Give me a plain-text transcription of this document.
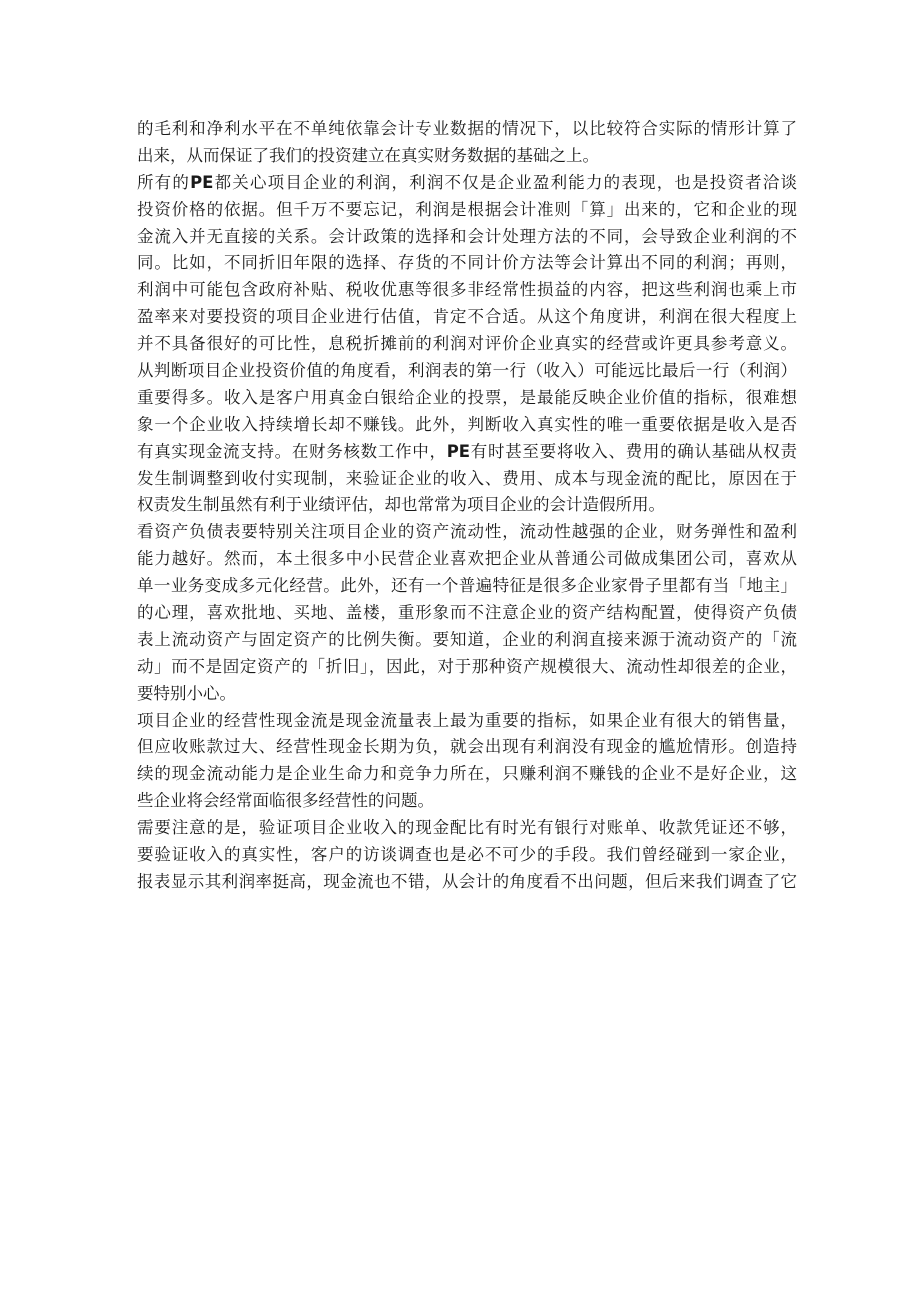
的毛利和净利水平在不单纯依靠会计专业数据的情况下，以比较符合实际的情形计算了
出来，从而保证了我们的投资建立在真实财务数据的基础之上。
所有的PE都关心项目企业的利润，利润不仅是企业盈利能力的表现，也是投资者洽谈
投资价格的依据。但千万不要忘记，利润是根据会计准则「算」出来的，它和企业的现
金流入并无直接的关系。会计政策的选择和会计处理方法的不同，会导致企业利润的不
同。比如，不同折旧年限的选择、存货的不同计价方法等会计算出不同的利润；再则，
利润中可能包含政府补贴、税收优惠等很多非经常性损益的内容，把这些利润也乘上市
盈率来对要投资的项目企业进行估值，肯定不合适。从这个角度讲，利润在很大程度上
并不具备很好的可比性，息税折摊前的利润对评价企业真实的经营或许更具参考意义。
从判断项目企业投资价值的角度看，利润表的第一行（收入）可能远比最后一行（利润）
重要得多。收入是客户用真金白银给企业的投票，是最能反映企业价值的指标，很难想
象一个企业收入持续增长却不赚钱。此外，判断收入真实性的唯一重要依据是收入是否
有真实现金流支持。在财务核数工作中，PE有时甚至要将收入、费用的确认基础从权责
发生制调整到收付实现制，来验证企业的收入、费用、成本与现金流的配比，原因在于
权责发生制虽然有利于业绩评估，却也常常为项目企业的会计造假所用。
看资产负债表要特别关注项目企业的资产流动性，流动性越强的企业，财务弹性和盈利
能力越好。然而，本土很多中小民营企业喜欢把企业从普通公司做成集团公司，喜欢从
单一业务变成多元化经营。此外，还有一个普遍特征是很多企业家骨子里都有当「地主」
的心理，喜欢批地、买地、盖楼，重形象而不注意企业的资产结构配置，使得资产负债
表上流动资产与固定资产的比例失衡。要知道，企业的利润直接来源于流动资产的「流
动」而不是固定资产的「折旧」，因此，对于那种资产规模很大、流动性却很差的企业，
要特别小心。
项目企业的经营性现金流是现金流量表上最为重要的指标，如果企业有很大的销售量，
但应收账款过大、经营性现金长期为负，就会出现有利润没有现金的尴尬情形。创造持
续的现金流动能力是企业生命力和竞争力所在，只赚利润不赚钱的企业不是好企业，这
些企业将会经常面临很多经营性的问题。
需要注意的是，验证项目企业收入的现金配比有时光有银行对账单、收款凭证还不够，
要验证收入的真实性，客户的访谈调查也是必不可少的手段。我们曾经碰到一家企业，
报表显示其利润率挺高，现金流也不错，从会计的角度看不出问题，但后来我们调查了它
